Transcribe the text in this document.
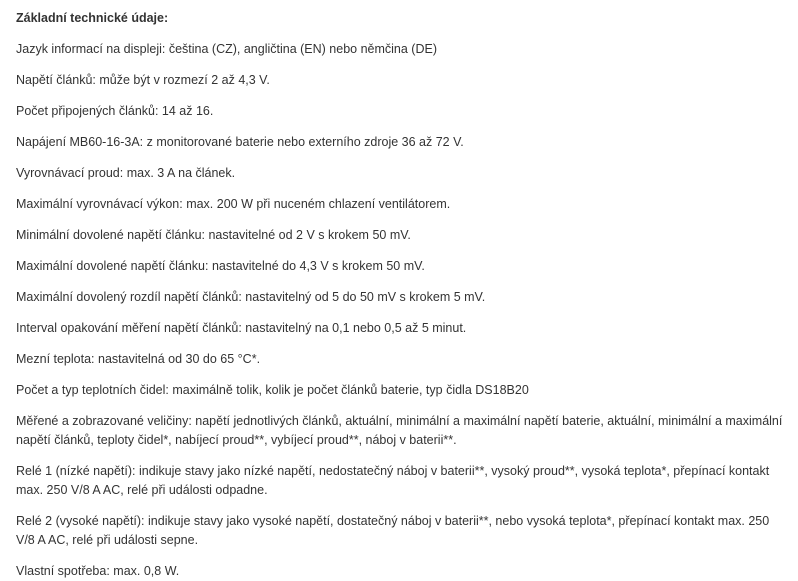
Základní technické údaje:

Jazyk informací na displeji: čeština (CZ), angličtina (EN) nebo němčina (DE)

Napětí článků: může být v rozmezí 2 až 4,3 V.

Počet připojených článků: 14 až 16.

Napájení MB60-16-3A: z monitorované baterie nebo externího zdroje 36 až 72 V.

Vyrovnávací proud: max. 3 A na článek.

Maximální vyrovnávací výkon: max. 200 W při nuceném chlazení ventilátorem.

Minimální dovolené napětí článku: nastavitelné od 2 V s krokem 50 mV.

Maximální dovolené napětí článku: nastavitelné do 4,3 V s krokem 50 mV.

Maximální dovolený rozdíl napětí článků: nastavitelný od 5 do 50 mV s krokem 5 mV.

Interval opakování měření napětí článků: nastavitelný na 0,1 nebo 0,5 až 5 minut.

Mezní teplota: nastavitelná od 30 do 65 °C*.

Počet a typ teplotních čidel: maximálně tolik, kolik je počet článků baterie, typ čidla DS18B20

Měřené a zobrazované veličiny: napětí jednotlivých článků, aktuální, minimální a maximální napětí baterie, aktuální, minimální a maximální napětí článků, teploty čidel*, nabíjecí proud**, vybíjecí proud**, náboj v baterii**.

Relé 1 (nízké napětí): indikuje stavy jako nízké napětí, nedostatečný náboj v baterii**, vysoký proud**, vysoká teplota*, přepínací kontakt max. 250 V/8 A AC, relé při události odpadne.

Relé 2 (vysoké napětí): indikuje stavy jako vysoké napětí, dostatečný náboj v baterii**, nebo vysoká teplota*, přepínací kontakt max. 250 V/8 A AC, relé při události sepne.

Vlastní spotřeba: max. 0,8 W.
